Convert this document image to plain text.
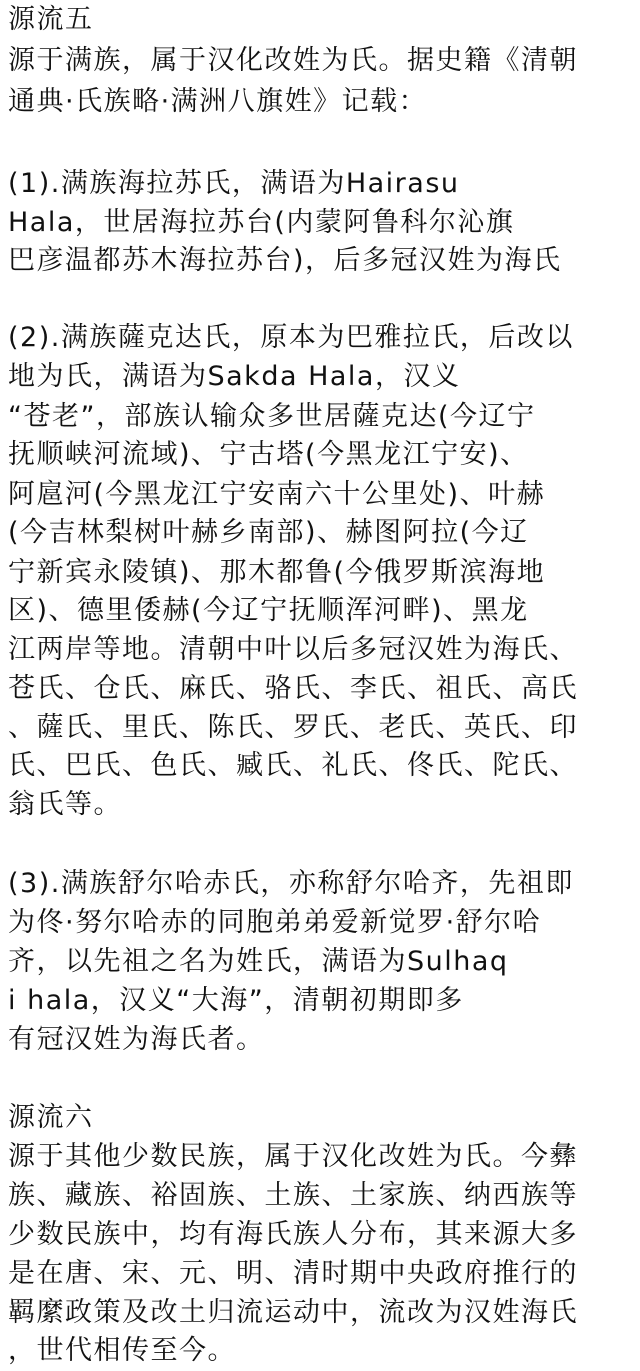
源流五
源于满族，属于汉化改姓为氏。据史籍《清朝
通典·氏族略·满洲八旗姓》记载：
(1).满族海拉苏氏，满语为Hairasu
Hala，世居海拉苏台(内蒙阿鲁科尔沁旗
巴彦温都苏木海拉苏台)，后多冠汉姓为海氏
(2).满族薩克达氏，原本为巴雅拉氏，后改以
地为氏，满语为Sakda Hala，汉义
“苍老”，部族认输众多世居薩克达(今辽宁
抚顺峡河流域)、宁古塔(今黑龙江宁安)、
阿扈河(今黑龙江宁安南六十公里处)、叶赫
(今吉林梨树叶赫乡南部)、赫图阿拉(今辽
宁新宾永陵镇)、那木都鲁(今俄罗斯滨海地
区)、德里倭赫(今辽宁抚顺浑河畔)、黑龙
江两岸等地。清朝中叶以后多冠汉姓为海氏、
苍氏、仓氏、麻氏、骆氏、李氏、祖氏、高氏
、薩氏、里氏、陈氏、罗氏、老氏、英氏、印
氏、巴氏、色氏、臧氏、礼氏、佟氏、陀氏、
翁氏等。
(3).满族舒尔哈赤氏，亦称舒尔哈齐，先祖即
为佟·努尔哈赤的同胞弟弟爱新觉罗·舒尔哈
齐，以先祖之名为姓氏，满语为Sulhaq
i hala，汉义“大海”，清朝初期即多
有冠汉姓为海氏者。
源流六
源于其他少数民族，属于汉化改姓为氏。今彝
族、藏族、裕固族、土族、土家族、纳西族等
少数民族中，均有海氏族人分布，其来源大多
是在唐、宋、元、明、清时期中央政府推行的
羁縻政策及改土归流运动中，流改为汉姓海氏
，世代相传至今。
